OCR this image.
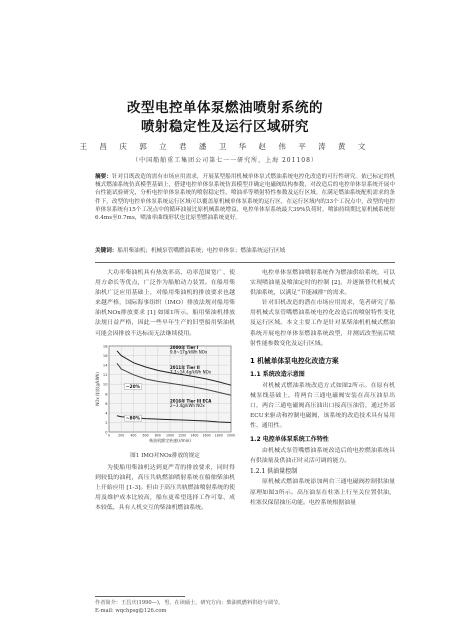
改型电控单体泵燃油喷射系统的
喷射稳定性及运行区域研究
王 昌 庆 郭 立 君 潘 卫 华 赵 伟 平 涛 黄 文
（中国船舶重工集团公司第七一一研究所，上海 201108）
摘要：针对目既改造的需有市场应用需求，开展某型船用机械单体泵式燃油系统电控化改造的可行性研究。依已标定的机械式燃油系统仿真模型基础上，搭建电控单体泵系统仿真模型并确定电磁阀结构参数，对改造后的电控单体泵系统开展中台性能试验研究，分析电控单体泵系统的喷射稳定性，喷油率等喷射特性参数及运行区域。在满足燃油系统配机需求的条件下，改型的电控单体泵系统运行区域可以覆盖原机械单体泵系统的运行区，在运行区域内的33个工况点中，改型的电控单体泵系统有15个工况点中的循环油量比原机械系统增益，电控单体泵系统最大39%负荷时，喷油持续期比原机械系统短6.4ms至0.7ms，喷油率曲线形状也比原型燃油系统更好。
关键词：船用柴油机；机械泵管嘴燃油系统；电控单体泵；燃油系统运行区域

大功率柴油机具有热效率高、功率范围宽广、使用方命长等优点，广泛作为船舶动力装置。在船用柴油机广泛应用基础上，对船用柴油机的排放要求也越来越严格，国际海事组织（IMO）排放法规对船用柴油机NOx排放要求 [1] 如图1所示。船用柴油机排放法规日益严格，因此一些早年生产的旧型船用柴油机可能会因排放不达标而无法继续使用。

0
2
4
6
8
10
12
14
16
18
0	200 400 600 800 1000 1200 1400 1600 1800 2000
柴油机额定转速(r/min)
NOx 排放(g/kWh)
2000年 Tier I
9.8~17g/kWh NOx
2011年 Tier II
7.7~14.4g/kWh NOx
2016年 Tier III ECA
2~3.4g/kWh NOx
~20%
~80%
图1 IMO对NOx排放的规定

为使船用柴油机达到更严苛的排放要求，同时得到较低的油耗，高压共轨燃油喷射系统在船舶柴油机上开始应用 [1-3]。但由于高压共轨燃油喷射系统的使用及维护成本比较高，船东更希望选择工作可靠、成本较低、具有人机交互的柴油机燃油系统。

电控单体泵燃油喷射系统作为燃油供给系统，可以实现喷油量及喷油定时的控制 [2]，并逐渐替代机械式供油系统，以满足“节能减排”的需求。

针对旧机改造的潜在市场应用需求，笔者研究了船用机械式泵管嘴燃油系统电控化改造后的喷射特性变化及运行区域。本文主要工作是针对某柴油机机械式燃油系统开展电控单体泵燃油系统改型，并测试改型前后喷射性能参数变化及运行区域。

1 机械单体泵电控化改造方案
1.1 系统改造示意图

对机械式燃油系统改造方式如图2所示。在原有机械泵线基础上，将两台三通电磁阀安装在高压油泵出口，两台三通电磁阀高压油出口接高压油管，通过外部ECU来驱动和控制电磁阀，该系统的改造技术具有易用性、通用性。

1.2 电控单体泵系统工作特性

由机械式泵管嘴燃油系统改造后的电控燃油系统具有供油量及供油正时灵活可调的能力。

1.2.1 供油量控制

原机械式燃油系统添加两台三通电磁阀控制供油量原理如图3所示。高压油泵在柱塞上行至关位置供油，柱塞仅保留抽压功能。电控系统根据油量

作者简介：王昌庆(1990—)，男，在读硕士，研究方向：柴油机燃料供给与调节。
E-mail: wqchpsg@126.com
